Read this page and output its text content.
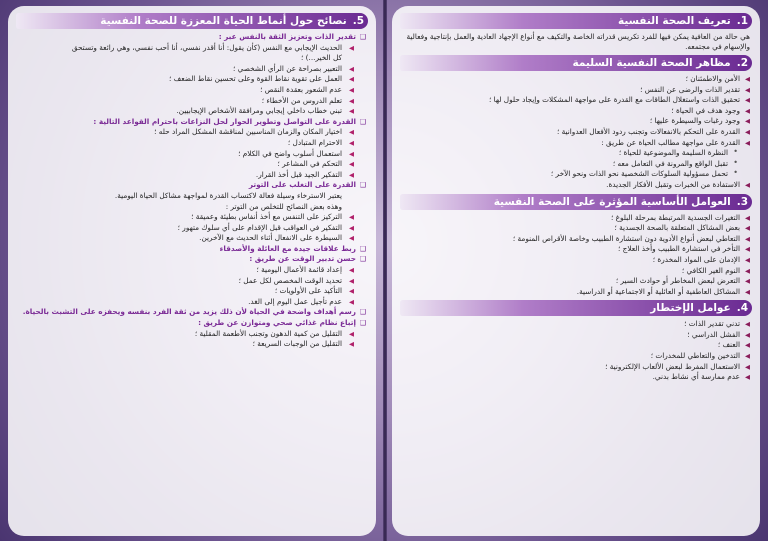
5.
نصائح حول أنماط الحياة المعززة للصحة النفسية
❑
تقدير الذات وتعزيز الثقة بالنفس عبر :
◀
الحديث الإيجابي مع النفس (كأن يقول: أنا أقدر نفسي، أنا أحب نفسي، وهي رائعة وتستحق
كل الخير...) ؛
◀
التعبير بصراحة عن الرأي الشخصي ؛
◀
العمل على تقوية نقاط القوة وعلى تحسين نقاط الضعف ؛
◀
عدم الشعور بعقدة النقص ؛
◀
تعلم الدروس من الأخطاء ؛
◀
تبني خطاب داخلي إيجابي ومرافقة الأشخاص الإيجابيين.
❑
القدرة على التواصل وتطوير الحوار لحل النزاعات باحترام القواعد التالية :
◀
اختيار المكان والزمان المناسبين لمناقشة المشكل المراد حله ؛
◀
الاحترام المتبادل ؛
◀
استعمال أسلوب واضح في الكلام ؛
◀
التحكم في المشاعر ؛
◀
التفكير الجيد قبل أخذ القرار.
❑
القدرة على التغلب على التوتر
يعتبر الاسترخاء وسيلة فعالة لاكتساب القدرة لمواجهة مشاكل الحياة اليومية.
وهذه بعض النصائح للتخلص من التوتر :
◀
التركيز على التنفس مع أخذ أنفاس بطيئة وعميقة ؛
◀
التفكير في العواقب قبل الإقدام على أي سلوك متهور ؛
◀
السيطرة على الانفعال أثناء الحديث مع الآخرين.
❑
ربط علاقات جيدة مع العائلة والأصدقاء
❑
حسن تدبير الوقت عن طريق :
◀
إعداد قائمة الأعمال اليومية ؛
◀
تحديد الوقت المخصص لكل عمل ؛
◀
التأكيد على الأولويات ؛
◀
عدم تأجيل عمل اليوم إلى الغد.
❑
رسم أهداف واضحة في الحياة لأن ذلك يزيد من ثقة الفرد بنفسه ويحفزه على التشبث بالحياة.
❑
إتباع نظام غذائي صحي ومتوازن عن طريق :
◀
التقليل من كمية الدهون وتجنب الأطعمة المقلية ؛
◀
التقليل من الوجبات السريعة ؛
1.
تعريف الصحة النفسية
هي حالة من العافية يمكن فيها للفرد تكريس قدراته الخاصة والتكيف مع أنواع الإجهاد العادية والعمل بإنتاجية وفعالية والإسهام في مجتمعه.
2.
مظاهر الصحة النفسية السليمة
◀
الأمن والاطمئنان ؛
◀
تقدير الذات والرضى عن النفس ؛
◀
تحقيق الذات واستغلال الطاقات مع القدرة على مواجهة المشكلات وإيجاد حلول لها ؛
◀
وجود هدف في الحياة ؛
◀
وجود رغبات والسيطرة عليها ؛
◀
القدرة على التحكم بالانفعالات وتجنب ردود الأفعال العدوانية ؛
◀
القدرة على مواجهة مطالب الحياة عن طريق :
•
النظرة السليمة والموضوعية للحياة ؛
•
تقبل الواقع والمرونة في التعامل معه ؛
•
تحمل مسؤولية السلوكات الشخصية نحو الذات ونحو الآخر ؛
◀
الاستفادة من الخبرات وتقبل الأفكار الجديدة.
3.
العوامل الأساسية المؤثرة على الصحة النفسية
◀
التغيرات الجسدية المرتبطة بمرحلة البلوغ ؛
◀
بعض المشاكل المتعلقة بالصحة الجسدية ؛
◀
التعاطي لبعض أنواع الأدوية دون استشارة الطبيب وخاصة الأقراص المنومة ؛
◀
التأخر في استشارة الطبيب وأخذ العلاج ؛
◀
الإدمان على المواد المخدرة ؛
◀
النوم الغير الكافي ؛
◀
التعرض لبعض المخاطر أو حوادث السير ؛
◀
المشاكل العاطفية أو العائلية أو الاجتماعية أو الدراسية.
4.
عوامل الإختطار
◀
تدني تقدير الذات ؛
◀
الفشل الدراسي ؛
◀
العنف ؛
◀
التدخين والتعاطي للمخدرات ؛
◀
الاستعمال المفرط لبعض الألعاب الإلكترونية ؛
◀
عدم ممارسة أي نشاط بدني.
